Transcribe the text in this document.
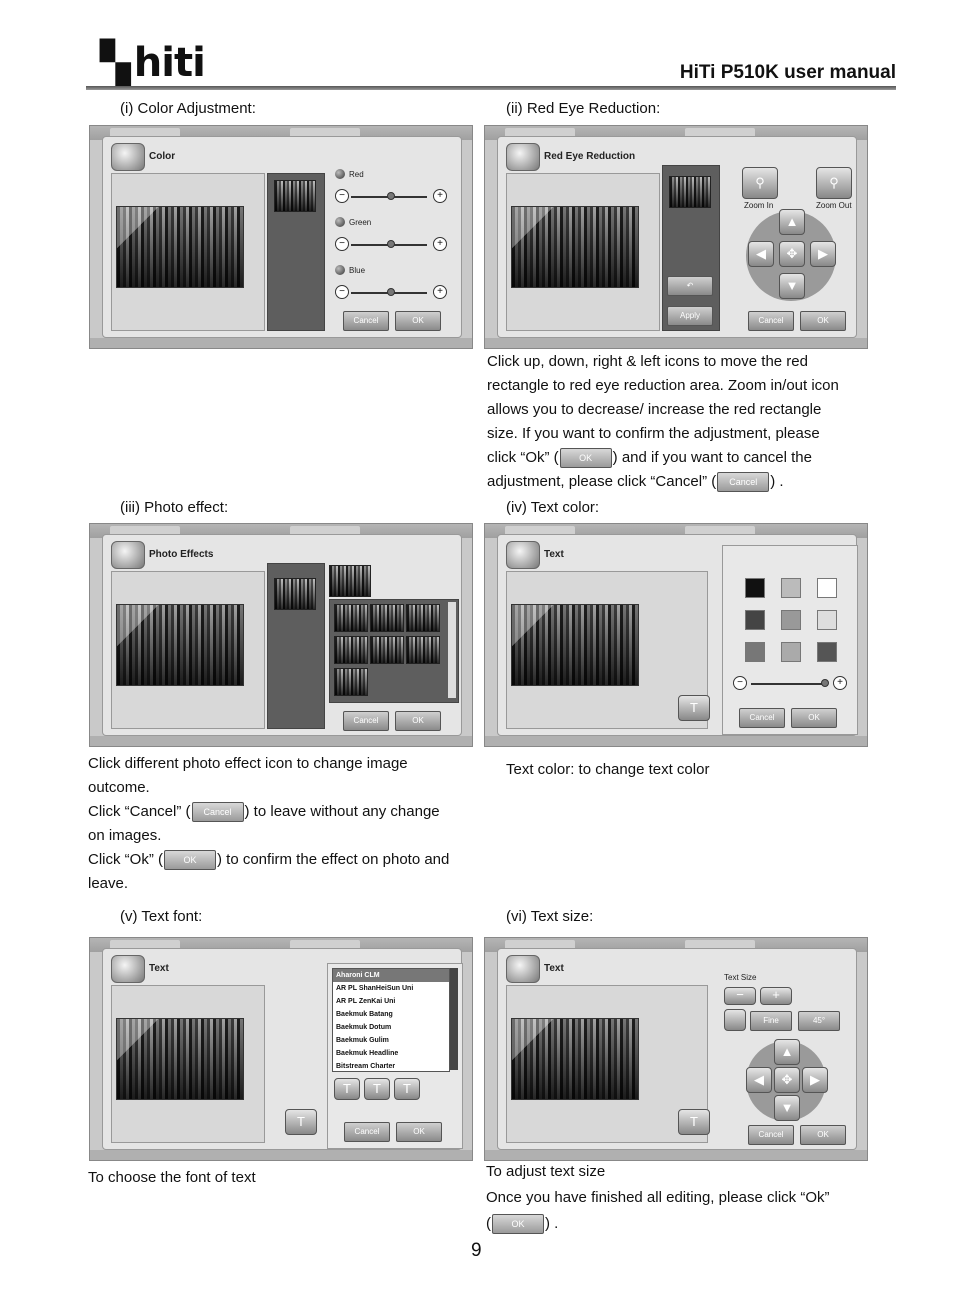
▚ hiti	HiTi P510K user manual
(i) Color Adjustment:	(ii) Red Eye Reduction:
Color
Red
−	+
Green
−	+
Blue
−	+
Cancel	OK
Red Eye Reduction
↶
Apply
⚲
Zoom In
⚲
Zoom Out
▲
◀	✥	▶
▼
Cancel	OK
Click up, down, right & left icons to move the red
rectangle to red eye reduction area. Zoom in/out icon
allows you to decrease/ increase the red rectangle
size. If you want to confirm the adjustment, please
click “Ok” ( OK ) and if you want to cancel the
adjustment, please click “Cancel” ( Cancel ) .
(iii) Photo effect:	(iv) Text color:
Photo Effects
Cancel	OK
Text
T
−	+
Cancel	OK
Click different photo effect icon to change image
outcome.
Click “Cancel” ( Cancel ) to leave without any change
on images.
Click “Ok” ( OK ) to confirm the effect on photo and
leave.
Text color: to change text color
(v) Text font:	(vi) Text size:
Text
T
Aharoni CLM
AR PL ShanHeiSun Uni
AR PL ZenKai Uni
Baekmuk Batang
Baekmuk Dotum
Baekmuk Gulim
Baekmuk Headline
Bitstream Charter
T	T	T
Cancel	OK
Text
T
Text Size
−	+
Fine	45°
▲
◀	✥	▶
▼
Cancel	OK
To choose the font of text	To adjust text size
Once you have finished all editing, please click “Ok”
( OK ) .
9
